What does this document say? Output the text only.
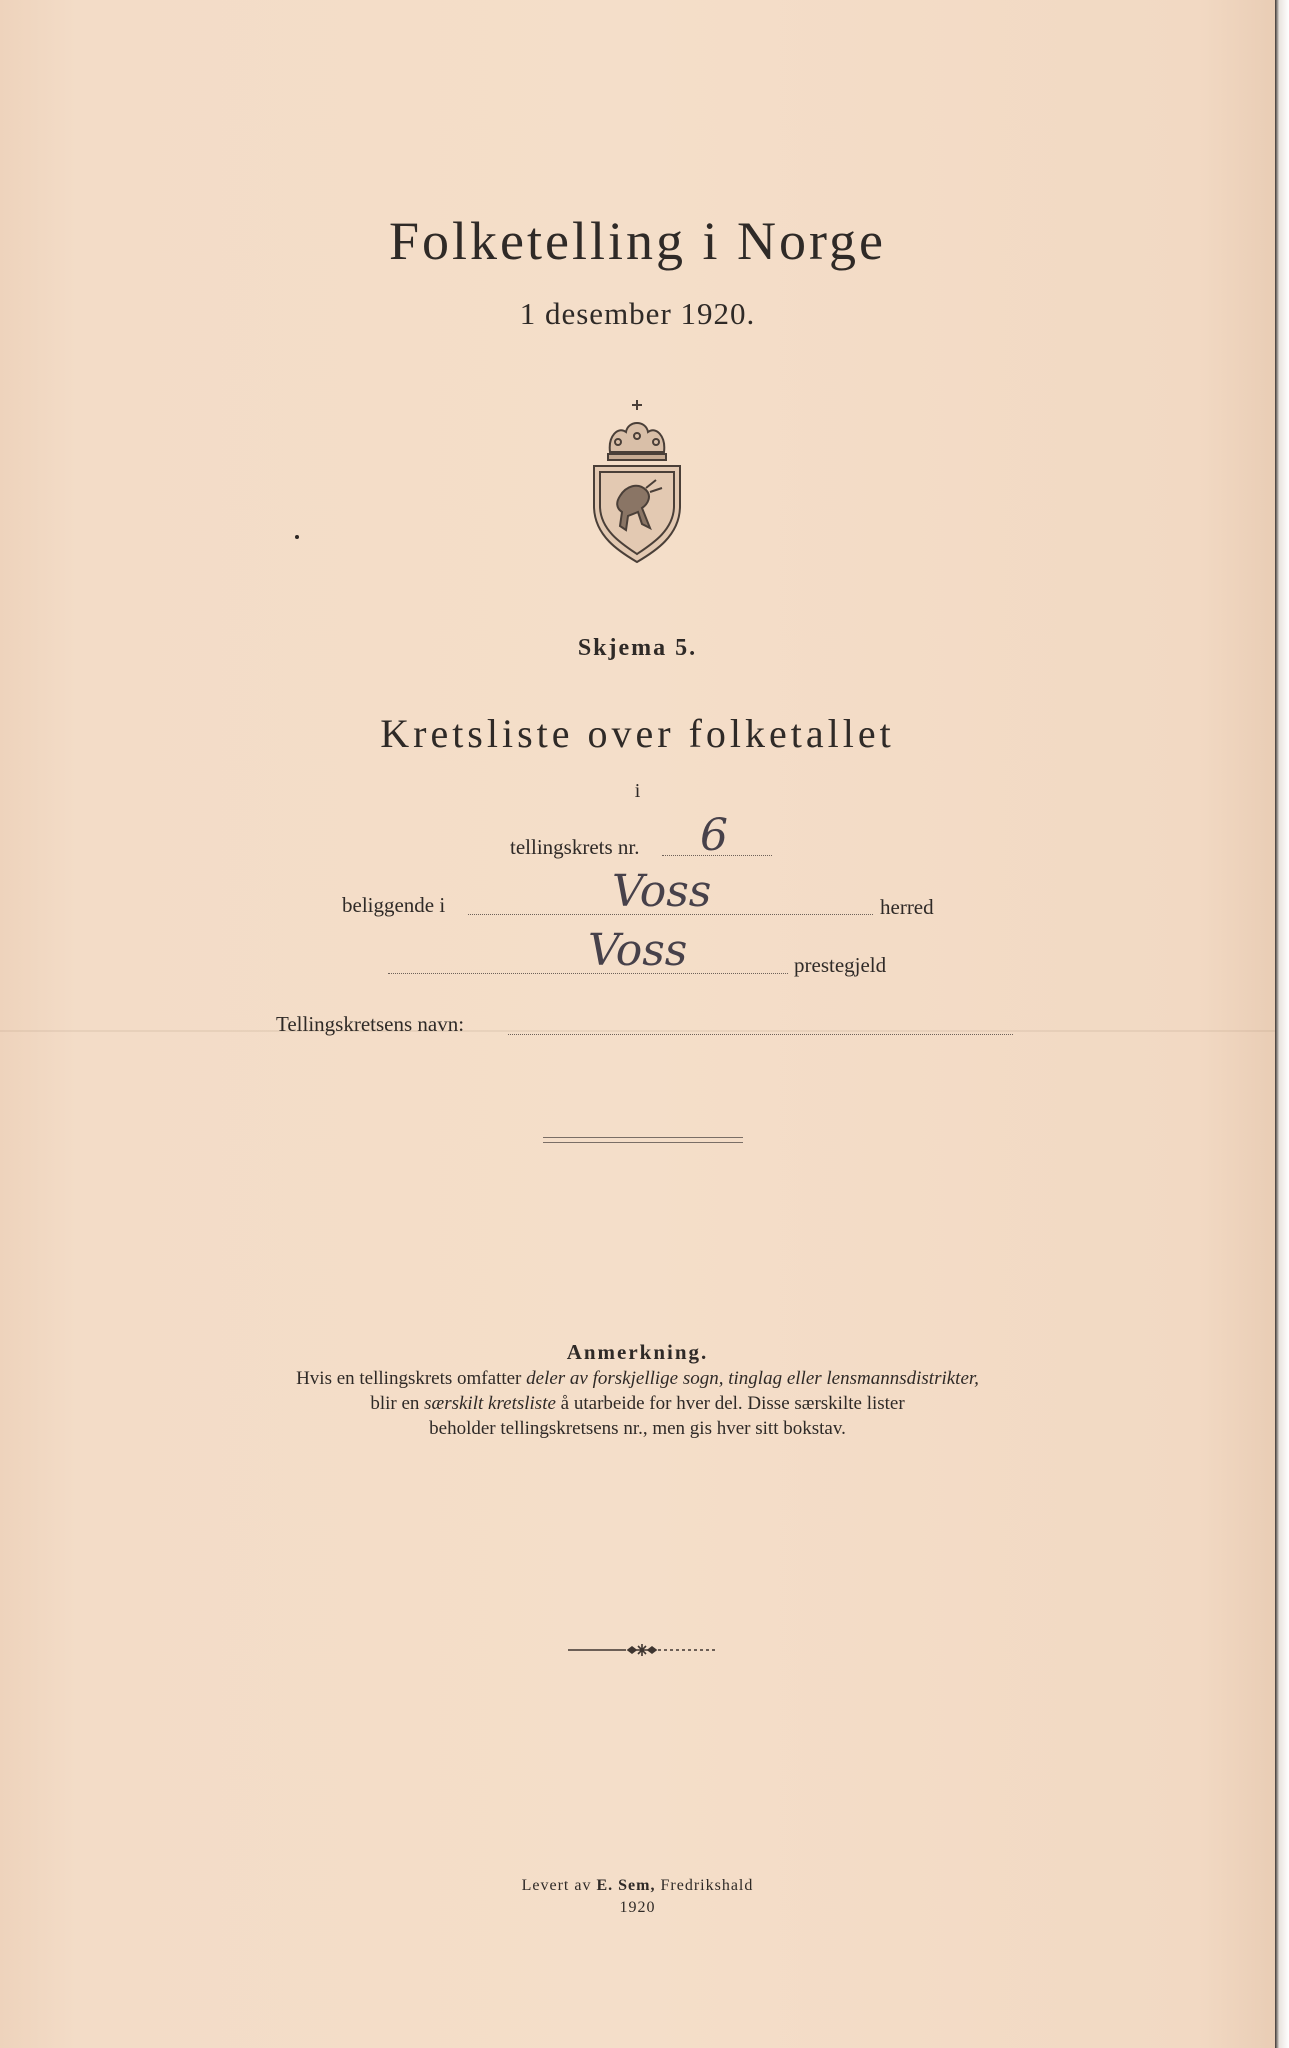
Folketelling i Norge
1 desember 1920.
Skjema 5.
Kretsliste over folketallet
i
tellingskrets nr. 6
beliggende i	Voss	herred
Voss	prestegjeld
Tellingskretsens navn:
Anmerkning.
Hvis en tellingskrets omfatter deler av forskjellige sogn, tinglag eller lensmannsdistrikter,
blir en særskilt kretsliste å utarbeide for hver del. Disse særskilte lister
beholder tellingskretsens nr., men gis hver sitt bokstav.
Levert av E. Sem, Fredrikshald
1920
